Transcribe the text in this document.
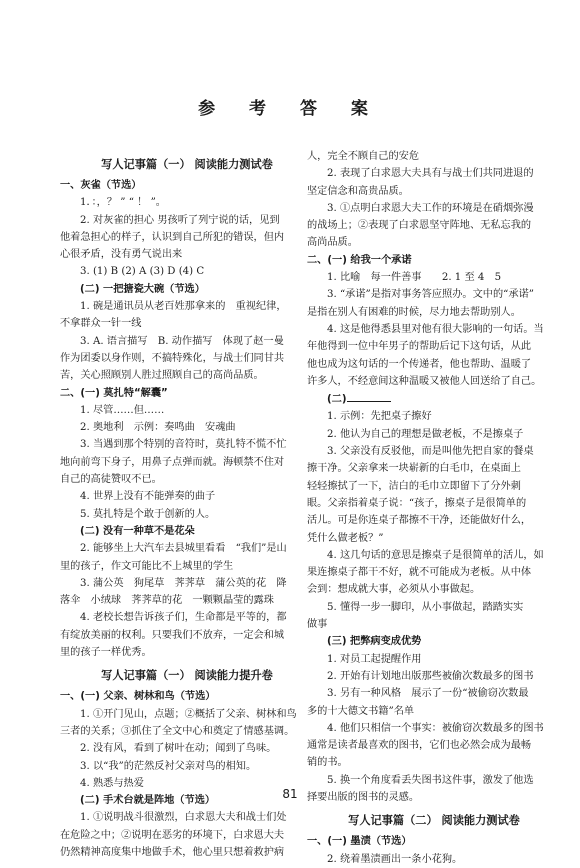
参 考 答 案
写人记事篇（一） 阅读能力测试卷
一、灰雀（节选）
1．：，？ ” “ ！ ”。
2. 对灰雀的担心 男孩听了列宁说的话，见到
他着急担心的样子，认识到自己所犯的错误，但内
心很矛盾，没有勇气说出来
3. (1) B (2) A (3) D (4) C
(二) 一把搪瓷大碗（节选）
1. 碗是通讯员从老百姓那拿来的　重视纪律，
不拿群众一针一线
3. A. 语言描写　B. 动作描写　体现了赵一曼
作为团委以身作则，不搞特殊化，与战士们同甘共
苦，关心照顾别人胜过照顾自己的高尚品质。
二、(一) 莫扎特“解囊”
1. 尽管……但……
2. 奥地利　示例：奏鸣曲　安魂曲
3. 当遇到那个特别的音符时，莫扎特不慌不忙
地向前弯下身子，用鼻子点弹而就。海顿禁不住对
自己的高徒赞叹不已。
4. 世界上没有不能弹奏的曲子
5. 莫扎特是个敢于创新的人。
(二) 没有一种草不是花朵
2. 能够坐上大汽车去县城里看看　“我们”是山
里的孩子，作文可能比不上城里的学生
3. 蒲公英　狗尾草　荠荠草　蒲公英的花　降
落伞　小绒球　荠荠草的花　一颗颗晶莹的露珠
4. 老校长想告诉孩子们，生命都是平等的，都
有绽放美丽的权利。只要我们不放弃，一定会和城
里的孩子一样优秀。
写人记事篇（一） 阅读能力提升卷
一、(一) 父亲、树林和鸟（节选）
1. ①开门见山，点题；②概括了父亲、树林和鸟
三者的关系；③抓住了全文中心和奠定了情感基调。
2. 没有风，看到了树叶在动；闻到了鸟味。
3. 以“我”的茫然反衬父亲对鸟的相知。
4. 熟悉与热爱
(二) 手术台就是阵地（节选）
1. ①说明战斗很激烈，白求恩大夫和战士们处
在危险之中；②说明在恶劣的环境下，白求恩大夫
仍然精神高度集中地做手术，他心里只想着救护病
人，完全不顾自己的安危
2. 表现了白求恩大夫具有与战士们共同进退的
坚定信念和高贵品质。
3. ①点明白求恩大夫工作的环境是在硝烟弥漫
的战场上；②表现了白求恩坚守阵地、无私忘我的
高尚品质。
二、(一) 给我一个承诺
1. 比喻　每一件善事　　2. 1 至 4　5
3. “承诺”是指对事务答应照办。文中的“承诺”
是指在别人有困难的时候，尽力地去帮助别人。
4. 这是他得悉县里对他有很大影响的一句话。当
年他得到一位中年男子的帮助后记下这句话，从此
他也成为这句话的一个传递者，他也帮助、温暖了
许多人，不经意间这种温暖又被他人回送给了自己。
(二)
1. 示例：先把桌子擦好
2. 他认为自己的理想是做老板，不是擦桌子
3. 父亲没有反驳他，而是叫他先把自家的餐桌
擦干净。父亲拿来一块崭新的白毛巾，在桌面上
轻轻擦拭了一下，洁白的毛巾立即留下了分外刺
眼。父亲指着桌子说：“孩子，擦桌子是很简单的
活儿。可是你连桌子都擦不干净，还能做好什么，
凭什么做老板？”
4. 这几句话的意思是擦桌子是很简单的活儿，如
果连擦桌子都干不好，就不可能成为老板。从中体
会到：想成就大事，必须从小事做起。
5. 懂得一步一脚印，从小事做起，踏踏实实
做事
(三) 把弊病变成优势
1. 对员工起提醒作用
2. 开始有计划地出版那些被偷次数最多的图书
3. 另有一种风格　展示了一份“被偷窃次数最
多的十大德文书籍”名单
4. 他们只相信一个事实：被偷窃次数最多的图书
通常是读者最喜欢的图书，它们也必然会成为最畅
销的书。
5. 换一个角度看丢失图书这件事，激发了他选
择要出版的图书的灵感。
写人记事篇（二） 阅读能力测试卷
一、(一) 墨渍（节选）
2. 绕着墨渍画出一条小花狗。
81
